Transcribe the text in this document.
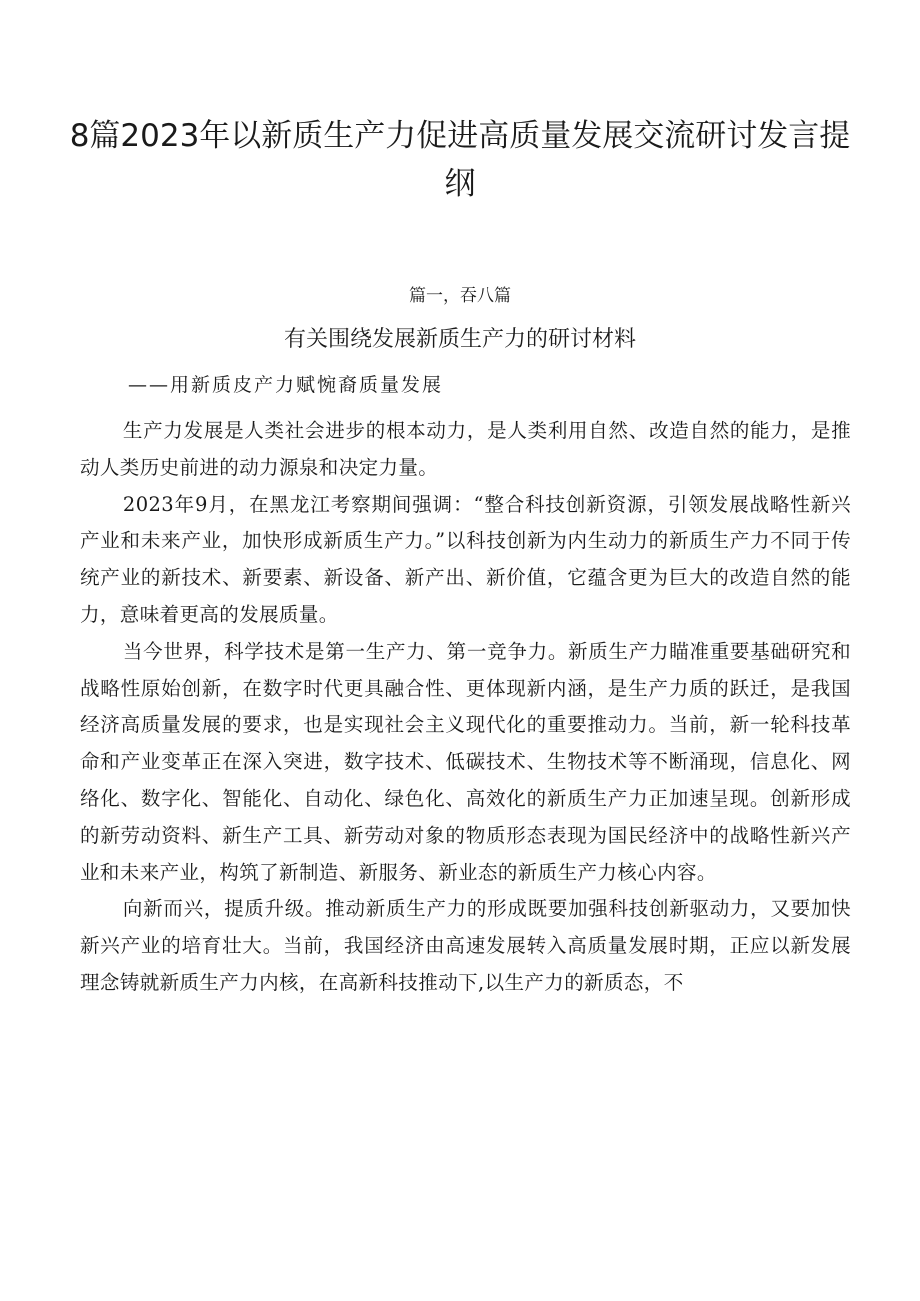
8篇2023年以新质生产力促进高质量发展交流研讨发言提纲
篇一，吞八篇
有关围绕发展新质生产力的研讨材料
——用新质皮产力赋惋裔质量发展

生产力发展是人类社会进步的根本动力，是人类利用自然、改造自然的能力，是推动人类历史前进的动力源泉和决定力量。

2023年9月，在黑龙江考察期间强调：“整合科技创新资源，引领发展战略性新兴产业和未来产业，加快形成新质生产力。”以科技创新为内生动力的新质生产力不同于传统产业的新技术、新要素、新设备、新产出、新价值，它蕴含更为巨大的改造自然的能力，意味着更高的发展质量。

当今世界，科学技术是第一生产力、第一竞争力。新质生产力瞄准重要基础研究和战略性原始创新，在数字时代更具融合性、更体现新内涵，是生产力质的跃迁，是我国经济高质量发展的要求，也是实现社会主义现代化的重要推动力。当前，新一轮科技革命和产业变革正在深入突进，数字技术、低碳技术、生物技术等不断涌现，信息化、网络化、数字化、智能化、自动化、绿色化、高效化的新质生产力正加速呈现。创新形成的新劳动资料、新生产工具、新劳动对象的物质形态表现为国民经济中的战略性新兴产业和未来产业，构筑了新制造、新服务、新业态的新质生产力核心内容。

向新而兴，提质升级。推动新质生产力的形成既要加强科技创新驱动力，又要加快新兴产业的培育壮大。当前，我国经济由高速发展转入高质量发展时期，正应以新发展理念铸就新质生产力内核，在高新科技推动下,以生产力的新质态，不
